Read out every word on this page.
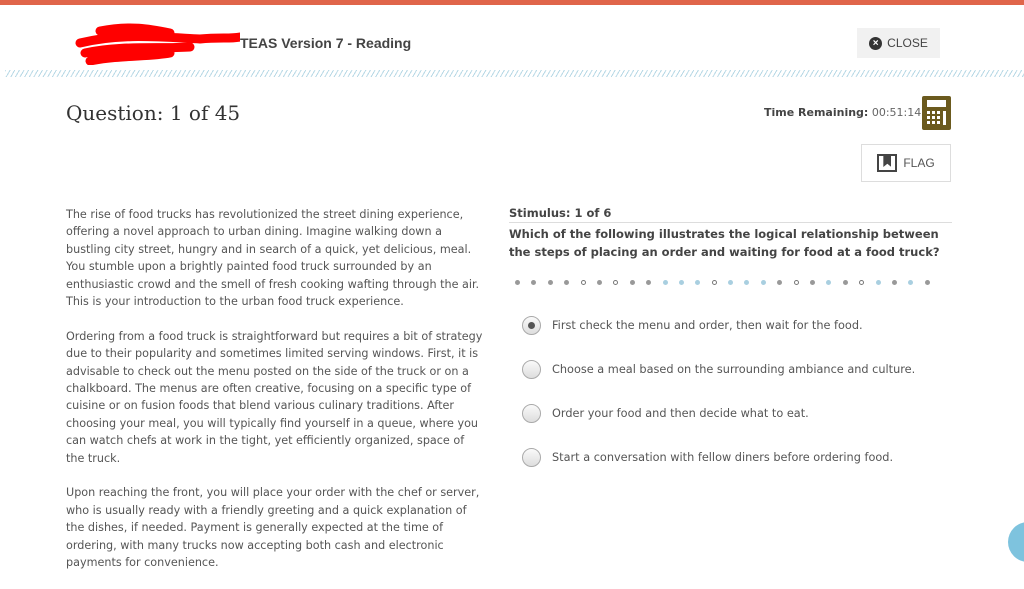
TEAS Version 7 - Reading	× CLOSE
Question: 1 of 45	Time Remaining: 00:51:14
FLAG

The rise of food trucks has revolutionized the street dining experience, offering a novel approach to urban dining. Imagine walking down a bustling city street, hungry and in search of a quick, yet delicious, meal. You stumble upon a brightly painted food truck surrounded by an enthusiastic crowd and the smell of fresh cooking wafting through the air. This is your introduction to the urban food truck experience.

Ordering from a food truck is straightforward but requires a bit of strategy due to their popularity and sometimes limited serving windows. First, it is advisable to check out the menu posted on the side of the truck or on a chalkboard. The menus are often creative, focusing on a specific type of cuisine or on fusion foods that blend various culinary traditions. After choosing your meal, you will typically find yourself in a queue, where you can watch chefs at work in the tight, yet efficiently organized, space of the truck.

Upon reaching the front, you will place your order with the chef or server, who is usually ready with a friendly greeting and a quick explanation of the dishes, if needed. Payment is generally expected at the time of ordering, with many trucks now accepting both cash and electronic payments for convenience.

Stimulus: 1 of 6
Which of the following illustrates the logical relationship between the steps of placing an order and waiting for food at a food truck?
First check the menu and order, then wait for the food.
Choose a meal based on the surrounding ambiance and culture.
Order your food and then decide what to eat.
Start a conversation with fellow diners before ordering food.
